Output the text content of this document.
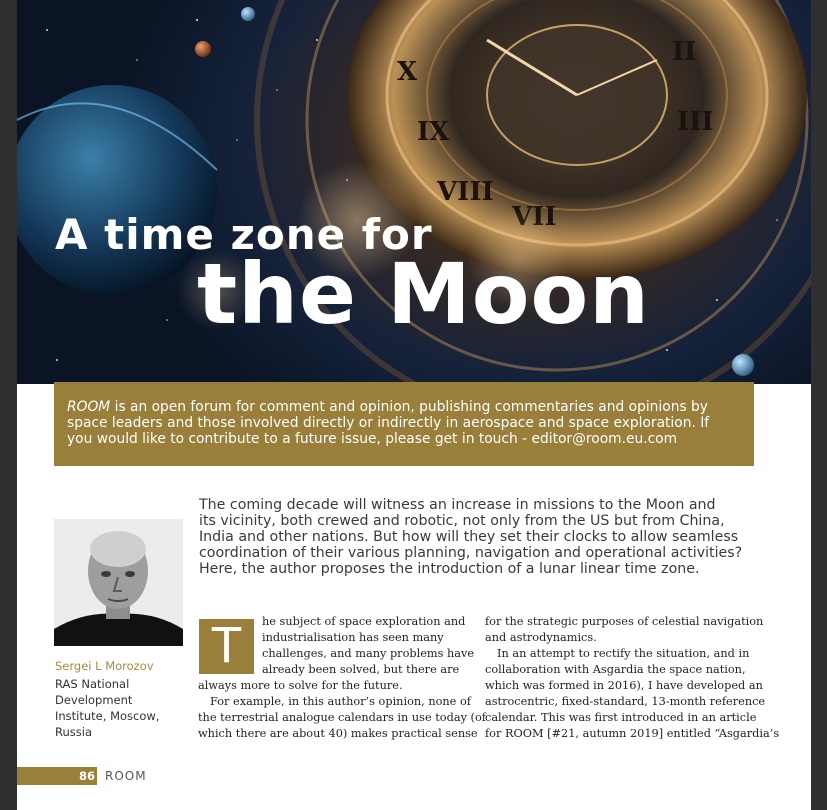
IX
VIII
VII
X
II
III
A time zone for
the Moon
ROOM is an open forum for comment and opinion, publishing commentaries and opinions by
space leaders and those involved directly or indirectly in aerospace and space exploration. If
you would like to contribute to a future issue, please get in touch - editor@room.eu.com
Sergei L Morozov
RAS National Development Institute, Moscow, Russia
The coming decade will witness an increase in missions to the Moon and
its vicinity, both crewed and robotic, not only from the US but from China,
India and other nations. But how will they set their clocks to allow seamless
coordination of their various planning, navigation and operational activities?
Here, the author proposes the introduction of a lunar linear time zone.
T	he subject of space exploration and
industrialisation has seen many
challenges, and many problems have
already been solved, but there are
always more to solve for the future.
For example, in this author’s opinion, none of
the terrestrial analogue calendars in use today (of
which there are about 40) makes practical sense
for the strategic purposes of celestial navigation
and astrodynamics.
In an attempt to rectify the situation, and in
collaboration with Asgardia the space nation,
which was formed in 2016), I have developed an
astrocentric, fixed-standard, 13-month reference
calendar. This was first introduced in an article
for ROOM [#21, autumn 2019] entitled “Asgardia’s
86 ROOM
